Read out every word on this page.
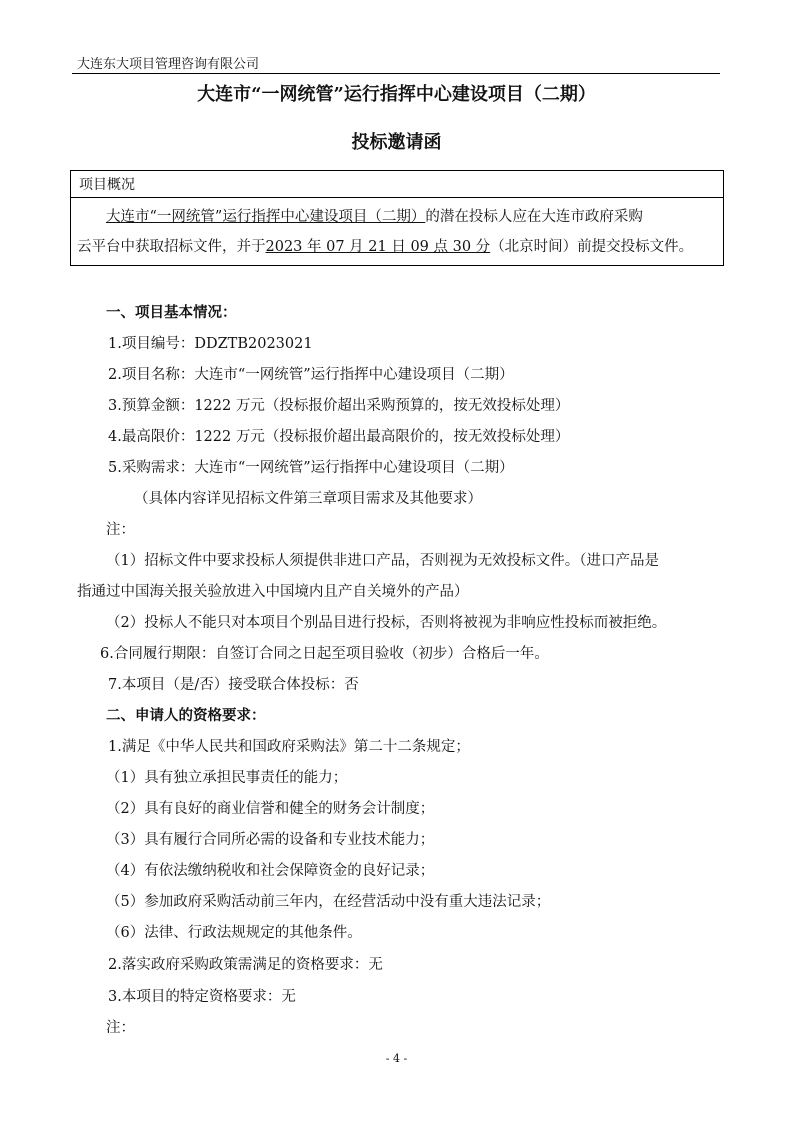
大连东大项目管理咨询有限公司
大连市“一网统管”运行指挥中心建设项目（二期）
投标邀请函
项目概况
大连市“一网统管”运行指挥中心建设项目（二期）的潜在投标人应在大连市政府采购
云平台中获取招标文件，并于2023 年 07 月 21 日 09 点 30 分（北京时间）前提交投标文件。
一、项目基本情况：
1.项目编号：DDZTB2023021
2.项目名称：大连市“一网统管”运行指挥中心建设项目（二期）
3.预算金额：1222 万元（投标报价超出采购预算的，按无效投标处理）
4.最高限价：1222 万元（投标报价超出最高限价的，按无效投标处理）
5.采购需求：大连市“一网统管”运行指挥中心建设项目（二期）
（具体内容详见招标文件第三章项目需求及其他要求）
注：
（1）招标文件中要求投标人须提供非进口产品，否则视为无效投标文件。（进口产品是
指通过中国海关报关验放进入中国境内且产自关境外的产品）
（2）投标人不能只对本项目个别品目进行投标，否则将被视为非响应性投标而被拒绝。
6.合同履行期限：自签订合同之日起至项目验收（初步）合格后一年。
7.本项目（是/否）接受联合体投标：否
二、申请人的资格要求：
1.满足《中华人民共和国政府采购法》第二十二条规定；
（1）具有独立承担民事责任的能力；
（2）具有良好的商业信誉和健全的财务会计制度；
（3）具有履行合同所必需的设备和专业技术能力；
（4）有依法缴纳税收和社会保障资金的良好记录；
（5）参加政府采购活动前三年内，在经营活动中没有重大违法记录；
（6）法律、行政法规规定的其他条件。
2.落实政府采购政策需满足的资格要求：无
3.本项目的特定资格要求：无
注：
- 4 -
